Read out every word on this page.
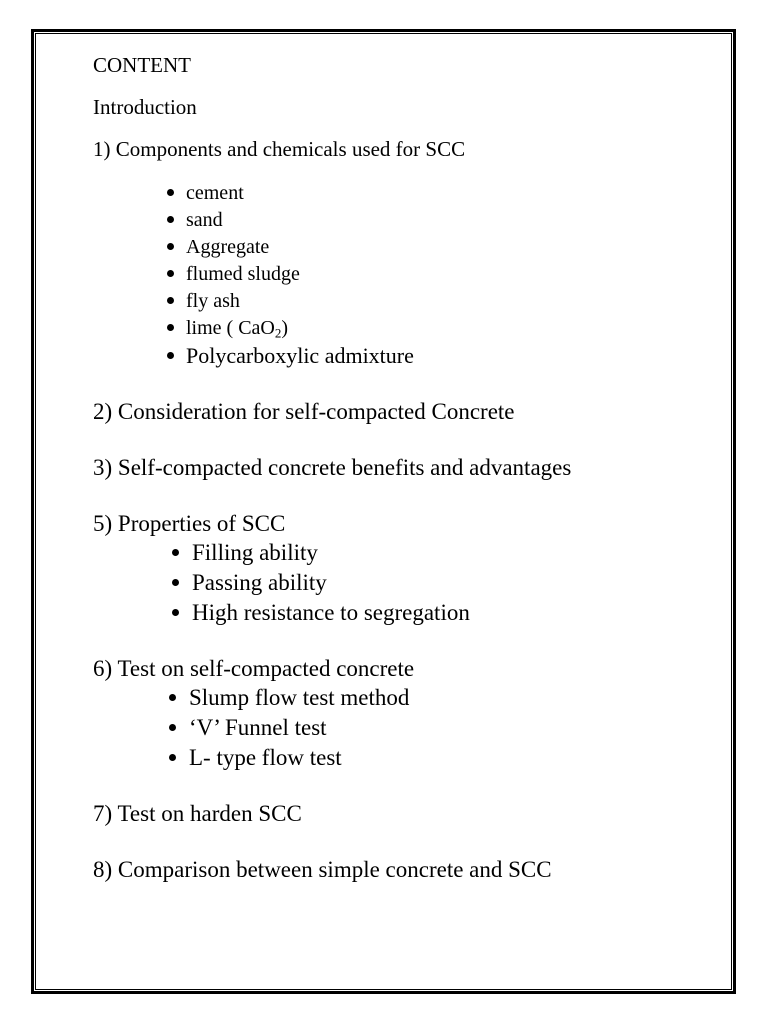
CONTENT
Introduction
1) Components and chemicals used for SCC
cement
sand
Aggregate
flumed sludge
fly ash
lime ( CaO$_2$)
Polycarboxylic admixture
2) Consideration for self-compacted Concrete
3) Self-compacted concrete benefits and advantages
5) Properties of SCC
Filling ability
Passing ability
High resistance to segregation
6) Test on self-compacted concrete
Slump flow test method
‘V’ Funnel test
L- type flow test
7) Test on harden SCC
8) Comparison between simple concrete and SCC
